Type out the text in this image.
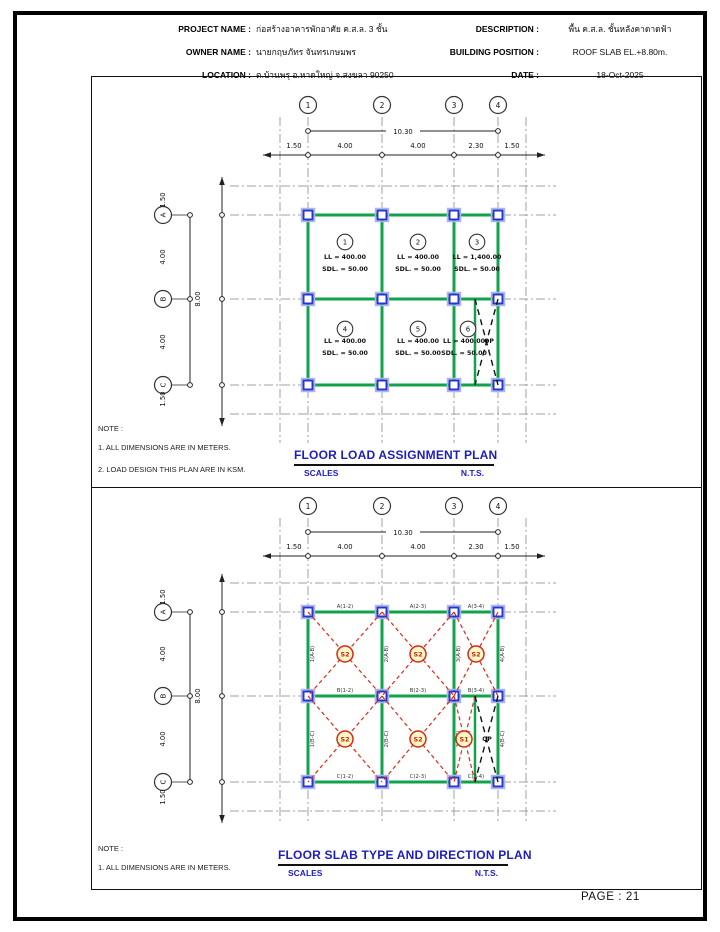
PROJECT NAME : ก่อสร้างอาคารพักอาศัย ค.ส.ล. 3 ชั้น
OWNER NAME : นายกฤษภัทร จันทรเกษมพร
LOCATION : ต.บ้านพรุ อ.หาดใหญ่ จ.สงขลา 90250
DESCRIPTION :	พื้น ค.ส.ล. ชั้นหลังคาดาดฟ้า
BUILDING POSITION :	ROOF SLAB EL.+8.80m.
DATE :	18-Oct-2025
1	2	3	4
10.30
1.50	4.00	4.00	2.30	1.50
A
B
C
8.00
1.50
4.00
4.00
1.50
1
LL = 400.00
SDL. = 50.00
2
LL = 400.00
SDL. = 50.00
3
LL = 1,400.00
SDL. = 50.00
4
LL = 400.00
SDL. = 50.00
5
LL = 400.00
SDL. = 50.00
6
LL = 400.00
SDL. = 50.00
OP
1	2	3	4
10.30
1.50	4.00	4.00	2.30	1.50
A
B
C
8.00
1.50
4.00
4.00
1.50
A(1-2)	A(2-3)	A(3-4)
B(1-2)	B(2-3)	B(3-4)
C(1-2)	C(2-3)	C(3-4)
1(A-B)	2(A-B)	3(A-B)	4(A-B)
1(B-C)	2(B-C)	4(B-C)
S2	S2	S2
S2	S2	S1 OP
NOTE :
1. ALL DIMENSIONS ARE IN METERS.
2. LOAD DESIGN THIS PLAN ARE IN KSM.
FLOOR LOAD ASSIGNMENT PLAN
SCALES	N.T.S.
NOTE :
1. ALL DIMENSIONS ARE IN METERS.
FLOOR SLAB TYPE AND DIRECTION PLAN
SCALES	N.T.S.
PAGE : 21
